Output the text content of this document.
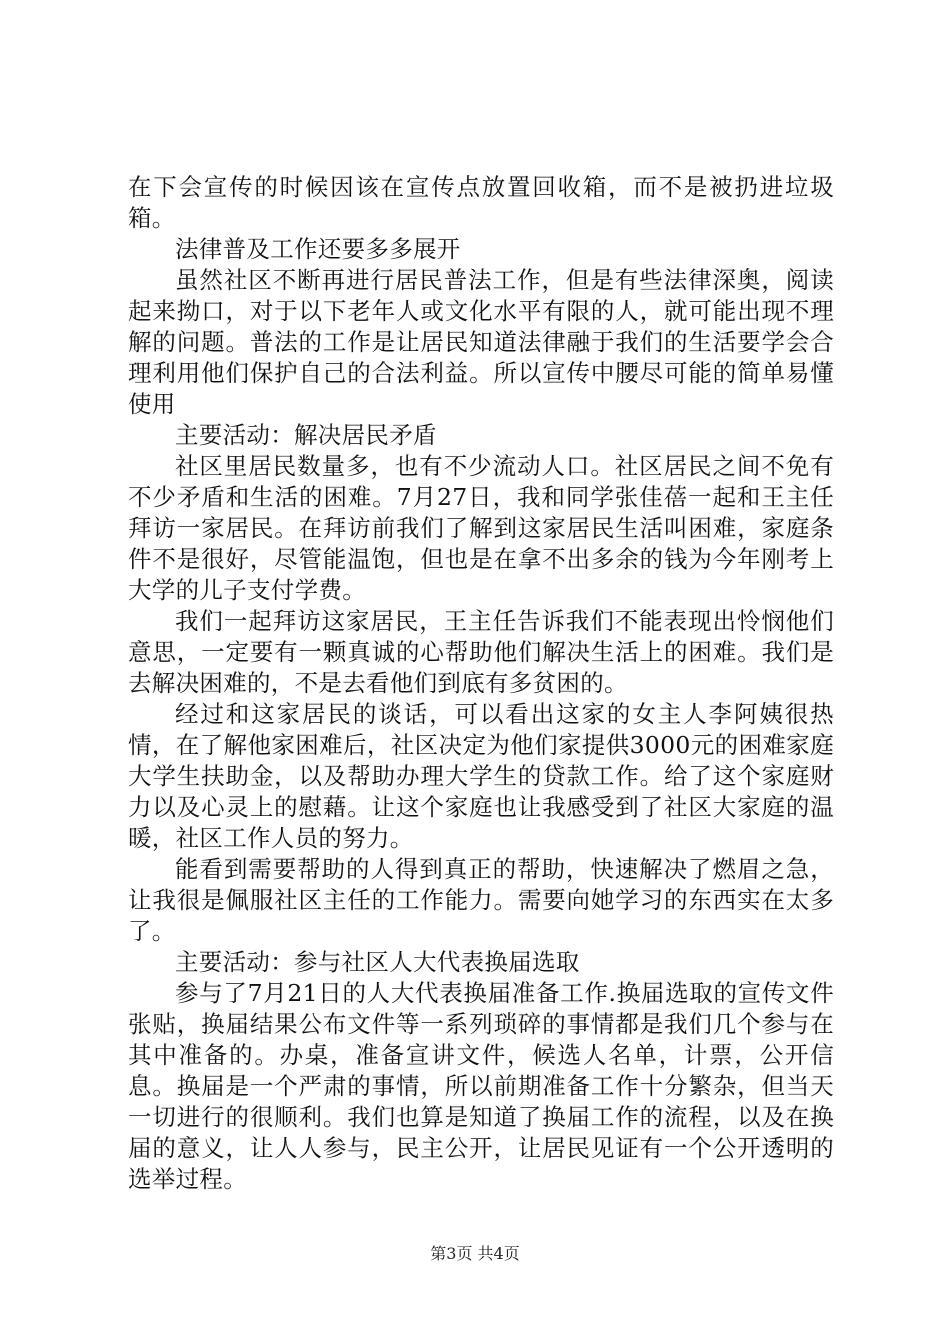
在下会宣传的时候因该在宣传点放置回收箱，而不是被扔进垃圾箱。

法律普及工作还要多多展开

虽然社区不断再进行居民普法工作，但是有些法律深奥，阅读起来拗口，对于以下老年人或文化水平有限的人，就可能出现不理解的问题。普法的工作是让居民知道法律融于我们的生活要学会合理利用他们保护自己的合法利益。所以宣传中腰尽可能的简单易懂使用

主要活动：解决居民矛盾

社区里居民数量多，也有不少流动人口。社区居民之间不免有不少矛盾和生活的困难。7月27日，我和同学张佳蓓一起和王主任拜访一家居民。在拜访前我们了解到这家居民生活叫困难，家庭条件不是很好，尽管能温饱，但也是在拿不出多余的钱为今年刚考上大学的儿子支付学费。

我们一起拜访这家居民，王主任告诉我们不能表现出怜悯他们意思，一定要有一颗真诚的心帮助他们解决生活上的困难。我们是去解决困难的，不是去看他们到底有多贫困的。

经过和这家居民的谈话，可以看出这家的女主人李阿姨很热情，在了解他家困难后，社区决定为他们家提供3000元的困难家庭大学生扶助金，以及帮助办理大学生的贷款工作。给了这个家庭财力以及心灵上的慰藉。让这个家庭也让我感受到了社区大家庭的温暖，社区工作人员的努力。

能看到需要帮助的人得到真正的帮助，快速解决了燃眉之急，让我很是佩服社区主任的工作能力。需要向她学习的东西实在太多了。

主要活动：参与社区人大代表换届选取

参与了7月21日的人大代表换届准备工作.换届选取的宣传文件张贴，换届结果公布文件等一系列琐碎的事情都是我们几个参与在其中准备的。办桌，准备宣讲文件，候选人名单，计票，公开信息。换届是一个严肃的事情，所以前期准备工作十分繁杂，但当天一切进行的很顺利。我们也算是知道了换届工作的流程，以及在换届的意义，让人人参与，民主公开，让居民见证有一个公开透明的选举过程。

第3页 共4页
